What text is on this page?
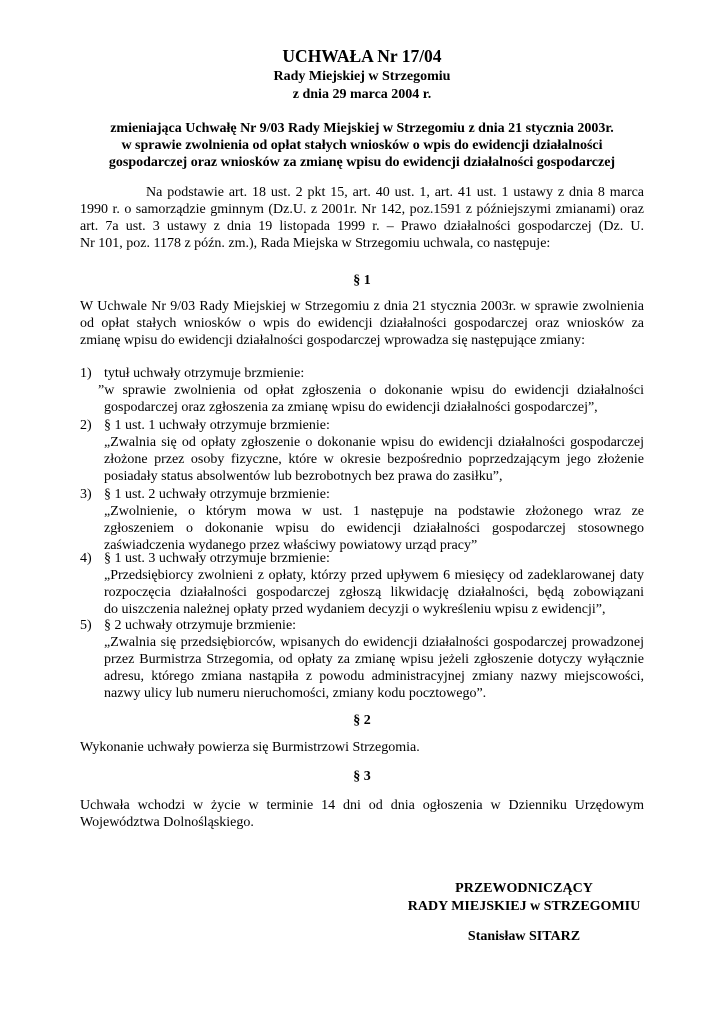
UCHWAŁA Nr 17/04
Rady Miejskiej w Strzegomiu
z dnia 29 marca 2004 r.
zmieniająca Uchwałę Nr 9/03 Rady Miejskiej w Strzegomiu z dnia 21 stycznia 2003r.
w sprawie zwolnienia od opłat stałych wniosków o wpis do ewidencji działalności
gospodarczej oraz wniosków za zmianę wpisu do ewidencji działalności gospodarczej
Na podstawie art. 18 ust. 2 pkt 15, art. 40 ust. 1, art. 41 ust. 1 ustawy z dnia 8 marca
1990 r. o samorządzie gminnym (Dz.U. z 2001r. Nr 142, poz.1591 z późniejszymi zmianami) oraz
art. 7a ust. 3 ustawy z dnia 19 listopada 1999 r. – Prawo działalności gospodarczej (Dz. U.
Nr 101, poz. 1178 z późn. zm.), Rada Miejska w Strzegomiu uchwala, co następuje:
§ 1
W Uchwale Nr 9/03 Rady Miejskiej w Strzegomiu z dnia 21 stycznia 2003r. w sprawie zwolnienia
od opłat stałych wniosków o wpis do ewidencji działalności gospodarczej oraz wniosków za
zmianę wpisu do ewidencji działalności gospodarczej wprowadza się następujące zmiany:
1) tytuł uchwały otrzymuje brzmienie:
”w sprawie zwolnienia od opłat zgłoszenia o dokonanie wpisu do ewidencji działalności
gospodarczej oraz zgłoszenia za zmianę wpisu do ewidencji działalności gospodarczej”,
2) § 1 ust. 1 uchwały otrzymuje brzmienie:
„Zwalnia się od opłaty zgłoszenie o dokonanie wpisu do ewidencji działalności gospodarczej
złożone przez osoby fizyczne, które w okresie bezpośrednio poprzedzającym jego złożenie
posiadały status absolwentów lub bezrobotnych bez prawa do zasiłku”,
3) § 1 ust. 2 uchwały otrzymuje brzmienie:
„Zwolnienie, o którym mowa w ust. 1 następuje na podstawie złożonego wraz ze
zgłoszeniem o dokonanie wpisu do ewidencji działalności gospodarczej stosownego
zaświadczenia wydanego przez właściwy powiatowy urząd pracy”
4) § 1 ust. 3 uchwały otrzymuje brzmienie:
„Przedsiębiorcy zwolnieni z opłaty, którzy przed upływem 6 miesięcy od zadeklarowanej daty
rozpoczęcia działalności gospodarczej zgłoszą likwidację działalności, będą zobowiązani
do uiszczenia należnej opłaty przed wydaniem decyzji o wykreśleniu wpisu z ewidencji”,
5) § 2 uchwały otrzymuje brzmienie:
„Zwalnia się przedsiębiorców, wpisanych do ewidencji działalności gospodarczej prowadzonej
przez Burmistrza Strzegomia, od opłaty za zmianę wpisu jeżeli zgłoszenie dotyczy wyłącznie
adresu, którego zmiana nastąpiła z powodu administracyjnej zmiany nazwy miejscowości,
nazwy ulicy lub numeru nieruchomości, zmiany kodu pocztowego”.
§ 2
Wykonanie uchwały powierza się Burmistrzowi Strzegomia.
§ 3
Uchwała wchodzi w życie w terminie 14 dni od dnia ogłoszenia w Dzienniku Urzędowym
Województwa Dolnośląskiego.
PRZEWODNICZĄCY
RADY MIEJSKIEJ w STRZEGOMIU
Stanisław SITARZ
